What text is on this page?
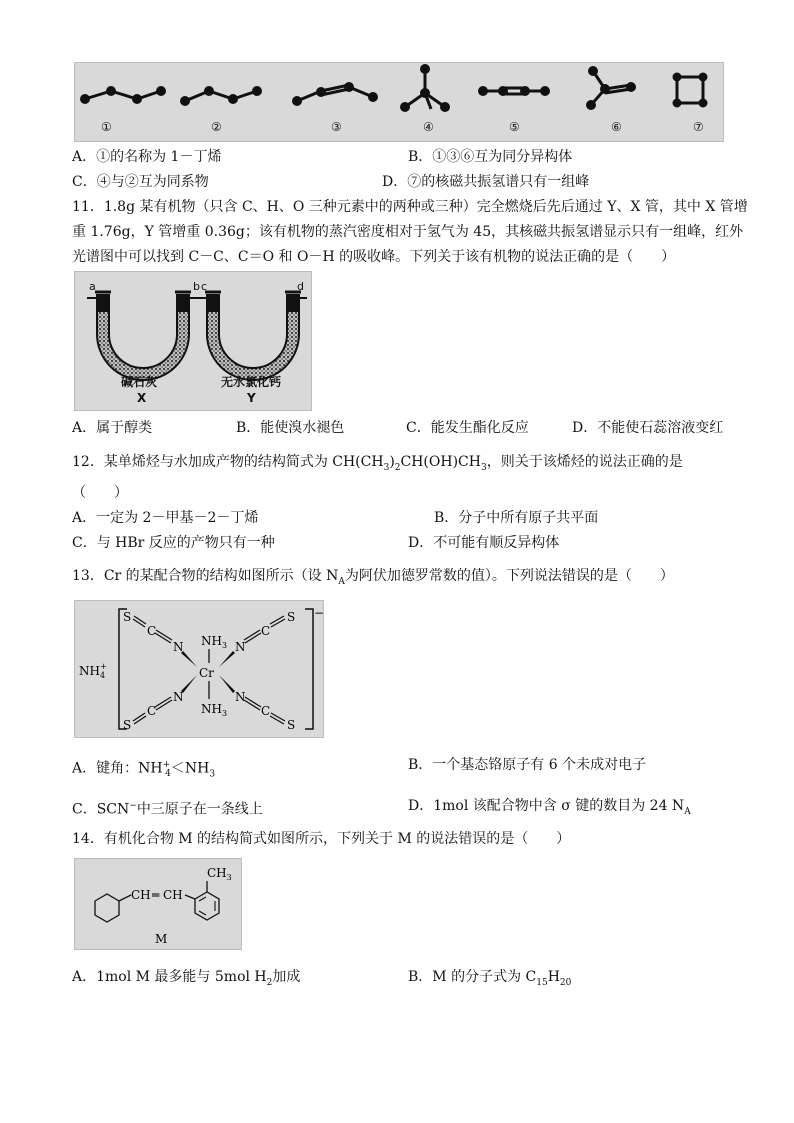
①	②	③	④	⑤	⑥	⑦
A．①的名称为 1－丁烯	B．①③⑥互为同分异构体
C．④与②互为同系物	D．⑦的核磁共振氢谱只有一组峰
11．1.8g 某有机物（只含 C、H、O 三种元素中的两种或三种）完全燃烧后先后通过 Y、X 管，其中 X 管增
重 1.76g，Y 管增重 0.36g；该有机物的蒸汽密度相对于氢气为 45，其核磁共振氢谱显示只有一组峰，红外
光谱图中可以找到 C－C、C＝O 和 O－H 的吸收峰。下列关于该有机物的说法正确的是（　　）
a	b c	d
碱石灰
X
无水氯化钙
Y
A．属于醇类	B．能使溴水褪色	C．能发生酯化反应	D．不能使石蕊溶液变红
12．某单烯烃与水加成产物的结构简式为 $CH(CH_3)_2CH(OH)CH_3$，则关于该烯烃的说法正确的是
（　　）
A．一定为 2－甲基－2－丁烯	B．分子中所有原子共平面
C．与 HBr 反应的产物只有一种	D．不可能有顺反异构体
13．Cr 的某配合物的结构如图所示（设 $N_A$为阿伏加德罗常数的值）。下列说法错误的是（　　）
−
$NH_4+$	Cr
$NH_3$
$NH_3$
N
C
S
N
C
S
N
C
S
N
C
S
A．键角：$NH^+_4<NH_3$
B．一个基态铬原子有 6 个未成对电子
C．SCN−中三原子在一条线上	D．1mol 该配合物中含 σ 键的数目为 24 $N_A$
14．有机化合物 M 的结构简式如图所示，下列关于 M 的说法错误的是（　　）
CH ═ CH
$CH_3$
M
A．1mol M 最多能与 5mol $H_2$加成	B．M 的分子式为 $C_{15}H_{20}$
